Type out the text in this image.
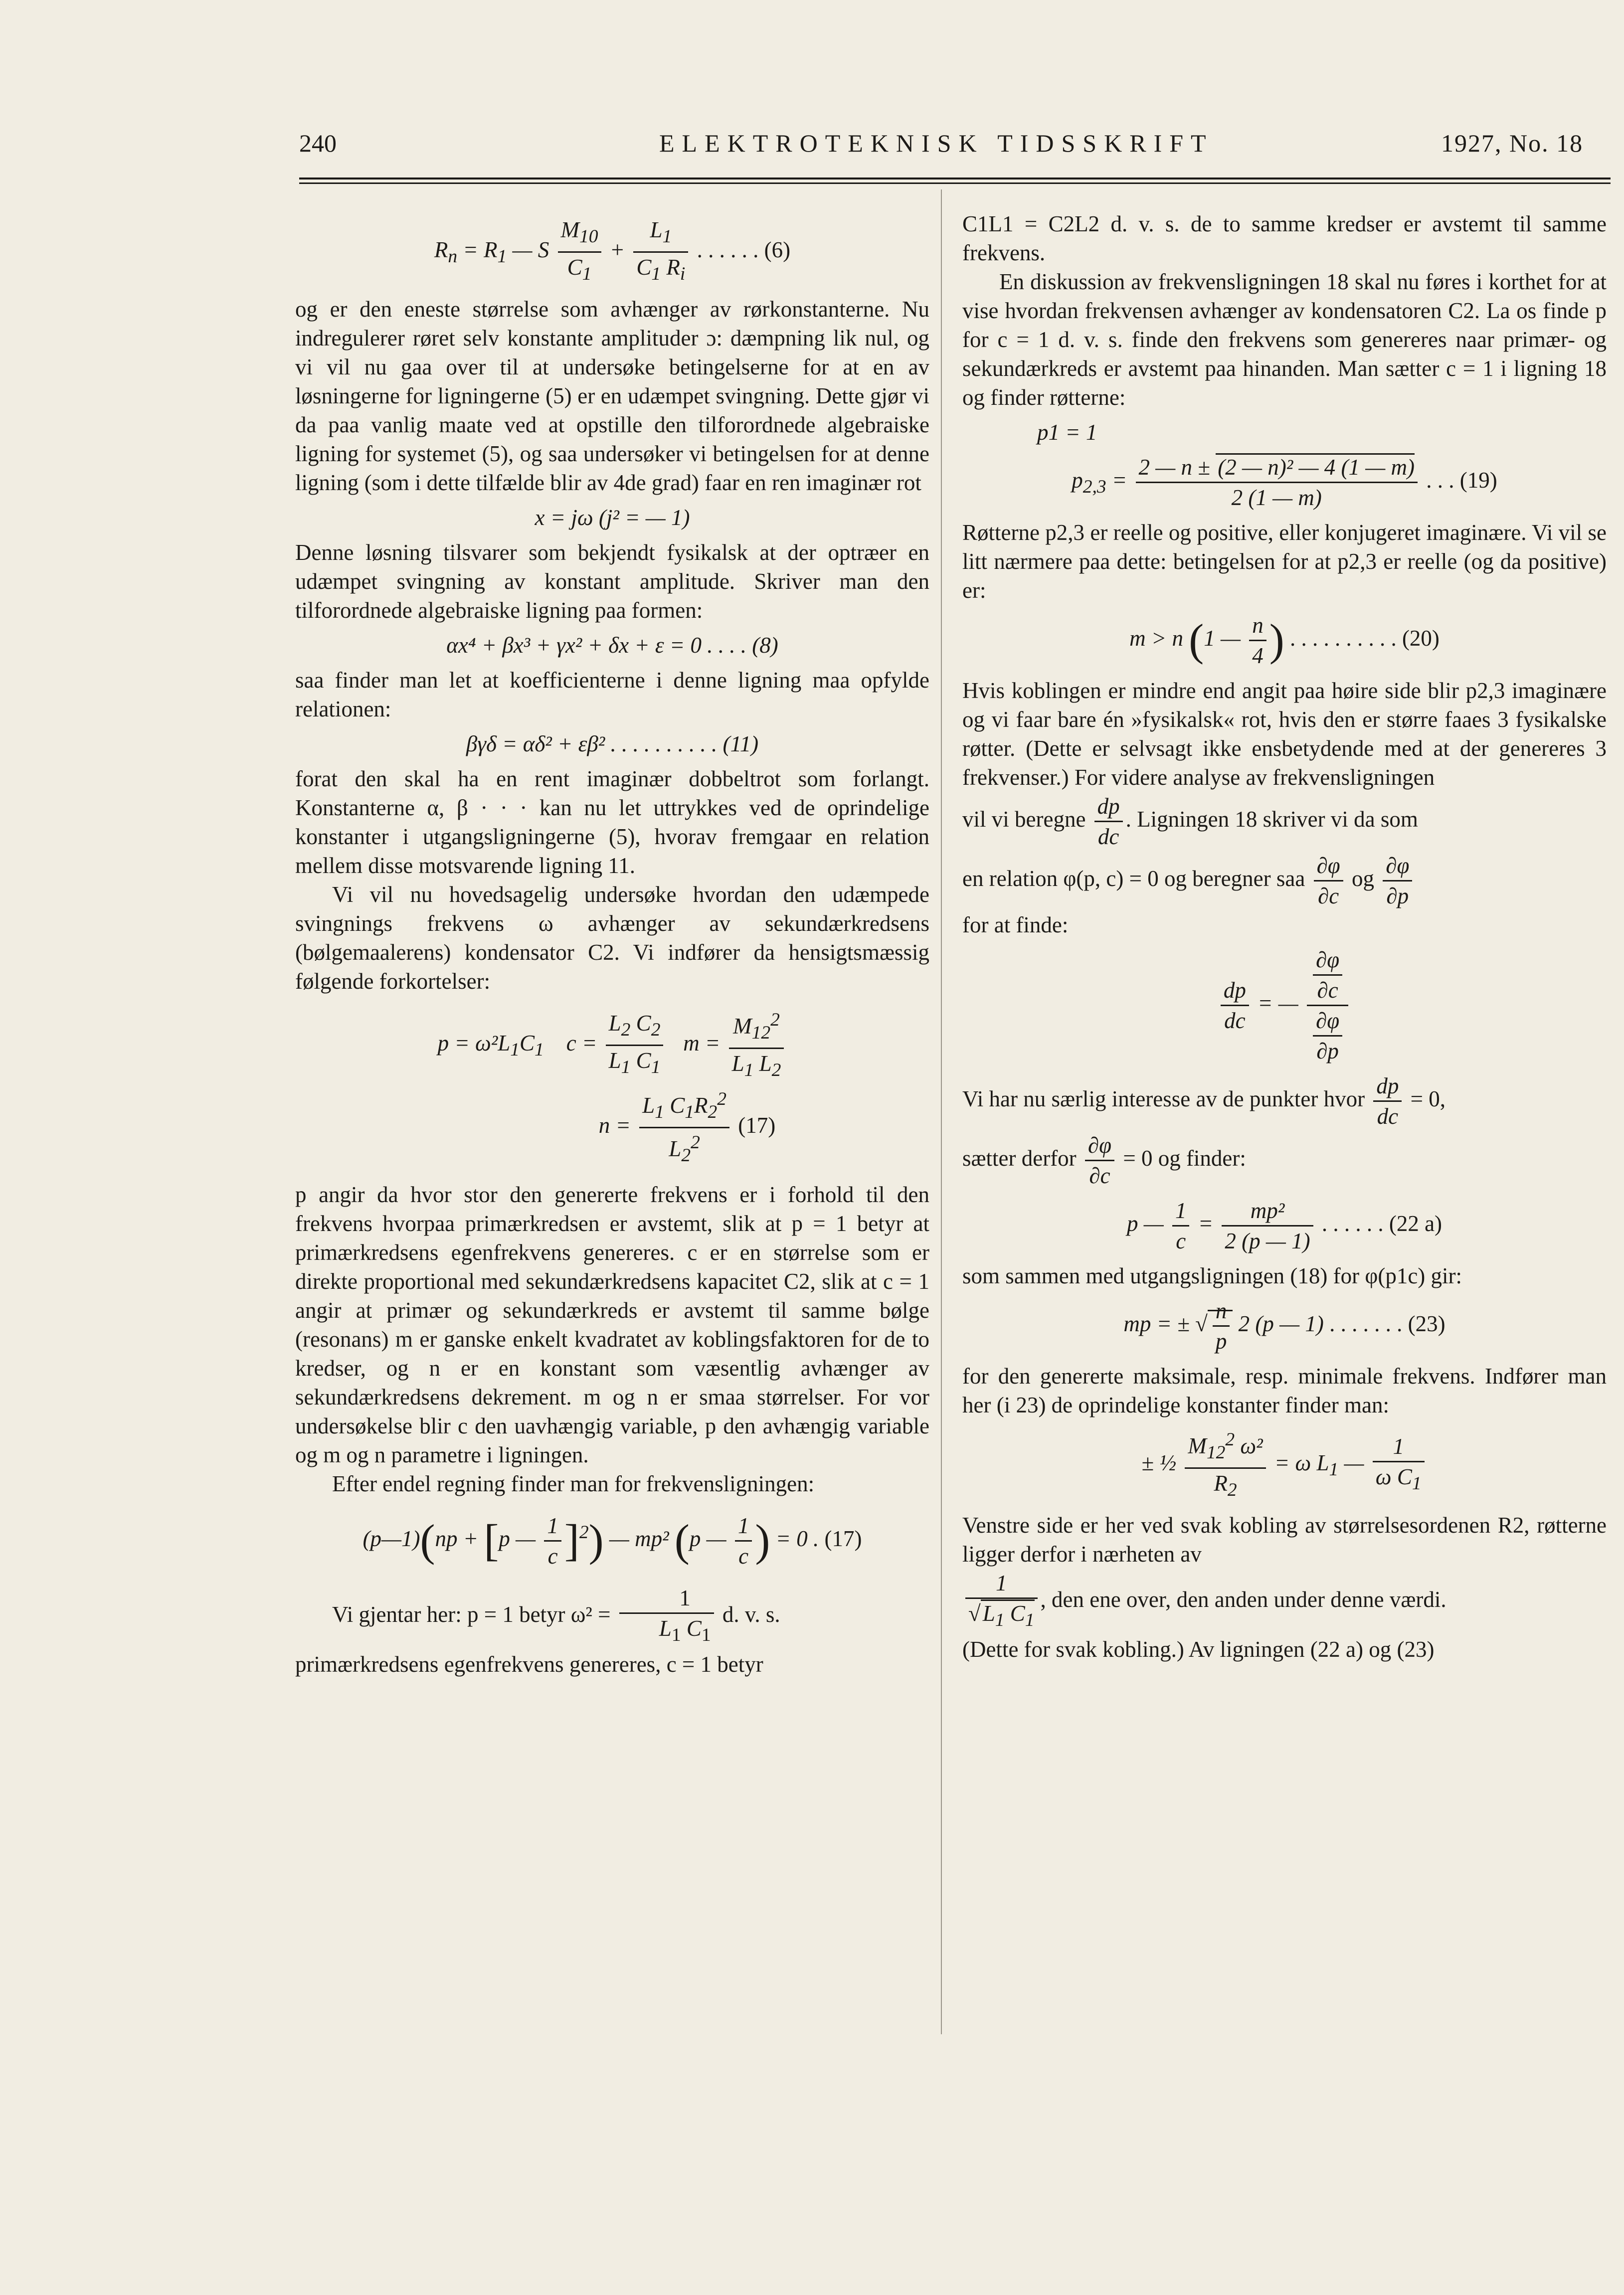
240	ELEKTROTEKNISK TIDSSKRIFT	1927, No. 18
$R_n = R_1$ — S $\frac{M_{10}}{C_1} + \frac{L_1}{C_1 R_i}$ . . . . . . (6)

og er den eneste størrelse som avhænger av rørkonstanterne. Nu indregulerer røret selv konstante amplituder ɔ: dæmpning lik nul, og vi vil nu gaa over til at undersøke betingelserne for at en av løsningerne for ligningerne (5) er en udæmpet svingning. Dette gjør vi da paa vanlig maate ved at opstille den tilforordnede algebraiske ligning for systemet (5), og saa undersøker vi betingelsen for at denne ligning (som i dette tilfælde blir av 4de grad) faar en ren imaginær rot

x = jω (j² = — 1)

Denne løsning tilsvarer som bekjendt fysikalsk at der optræer en udæmpet svingning av konstant amplitude. Skriver man den tilforordnede algebraiske ligning paa formen:

αx⁴ + βx³ + γx² + δx + ε = 0 . . . . (8)

saa finder man let at koefficienterne i denne ligning maa opfylde relationen:

βγδ = αδ² + εβ² . . . . . . . . . . (11)

forat den skal ha en rent imaginær dobbeltrot som forlangt. Konstanterne α, β · · · kan nu let uttrykkes ved de oprindelige konstanter i utgangsligningerne (5), hvorav fremgaar en relation mellem disse motsvarende ligning 11.

Vi vil nu hovedsagelig undersøke hvordan den udæmpede svingnings frekvens ω avhænger av sekundærkredsens (bølgemaalerens) kondensator C2. Vi indfører da hensigtsmæssig følgende forkortelser:

$p = \omega^2L_1C_1$    $c = \frac{L_2 C_2}{L_1 C_1}$ $m = \frac{M_{12}^2}{L_1 L_2}$

$n = \frac{L_1 C_1R_2^2}{L_2^2} (17)$

p angir da hvor stor den genererte frekvens er i forhold til den frekvens hvorpaa primærkredsen er avstemt, slik at p = 1 betyr at primærkredsens egenfrekvens genereres. c er en størrelse som er direkte proportional med sekundærkredsens kapacitet C2, slik at c = 1 angir at primær og sekundærkreds er avstemt til samme bølge (resonans) m er ganske enkelt kvadratet av koblingsfaktoren for de to kredser, og n er en konstant som væsentlig avhænger av sekundærkredsens dekrement. m og n er smaa størrelser. For vor undersøkelse blir c den uavhængig variable, p den avhængig variable og m og n parametre i ligningen.

Efter endel regning finder man for frekvensligningen:

(p—1)(np + [p — $\frac{1}{c} ]^2$) — mp² (p — $\frac{1}{c}$ ) = 0 . (17)

Vi gjentar her: p = 1 betyr $\omega^2 = \frac{1}{L_1 C_1} d$. v. s.

primærkredsens egenfrekvens genereres, c = 1 betyr

C1L1 = C2L2 d. v. s. de to samme kredser er avstemt til samme frekvens.

En diskussion av frekvensligningen 18 skal nu føres i korthet for at vise hvordan frekvensen avhænger av kondensatoren C2. La os finde p for c = 1 d. v. s. finde den frekvens som genereres naar primær- og sekundærkreds er avstemt paa hinanden. Man sætter c = 1 i ligning 18 og finder røtterne:

p1 = 1
$p_{2,3} = \frac{\text{2 — n ± (2 — n)² — 4 (1 — m)}}{2 (1 — m)}$ . . . (19)

Røtterne p2,3 er reelle og positive, eller konjugeret imaginære. Vi vil se litt nærmere paa dette: betingelsen for at p2,3 er reelle (og da positive) er:

m > n (1 — $\frac{n}{4}$ ) . . . . . . . . . . (20)

Hvis koblingen er mindre end angit paa høire side blir p2,3 imaginære og vi faar bare én »fysikalsk« rot, hvis den er større faaes 3 fysikalske røtter. (Dette er selvsagt ikke ensbetydende med at der genereres 3 frekvenser.) For videre analyse av frekvensligningen

vil vi beregne $\frac{dp}{dc}$ . Ligningen 18 skriver vi da som

en relation φ(p, c) = 0 og beregner saa $\frac{\partial\varphi}{\partial c}$ og $\frac{\partial\varphi}{\partial p}$

for at finde:

$\frac{dp}{dc}$ = — $\frac{\frac{\partial\varphi}{\partial c}}{\frac{\partial\varphi}{\partial p}}$

Vi har nu særlig interesse av de punkter hvor $\frac{dp}{dc} = 0$,

sætter derfor $\frac{\partial\varphi}{\partial c} = 0$ og finder:

p — $\frac{1}{c} = \frac{\text{mp²}}{2 (p — 1)}$ . . . . . . (22 a)

som sammen med utgangsligningen (18) for φ(p1c) gir:

mp = ± √ $\frac{n}{p} 2$ (p — 1) . . . . . . . (23)

for den genererte maksimale, resp. minimale frekvens. Indfører man her (i 23) de oprindelige konstanter finder man:

± ½ $\frac{M_{12}^2 \omega^2}{R_2} = \omega$ $L_1$ — $\frac{1}{\omega C_1}$

Venstre side er her ved svak kobling av størrelsesordenen R2, røtterne ligger derfor i nærheten av

$\frac{1}{√L_1 C_1}$ , den ene over, den anden under denne værdi.

(Dette for svak kobling.) Av ligningen (22 a) og (23)
